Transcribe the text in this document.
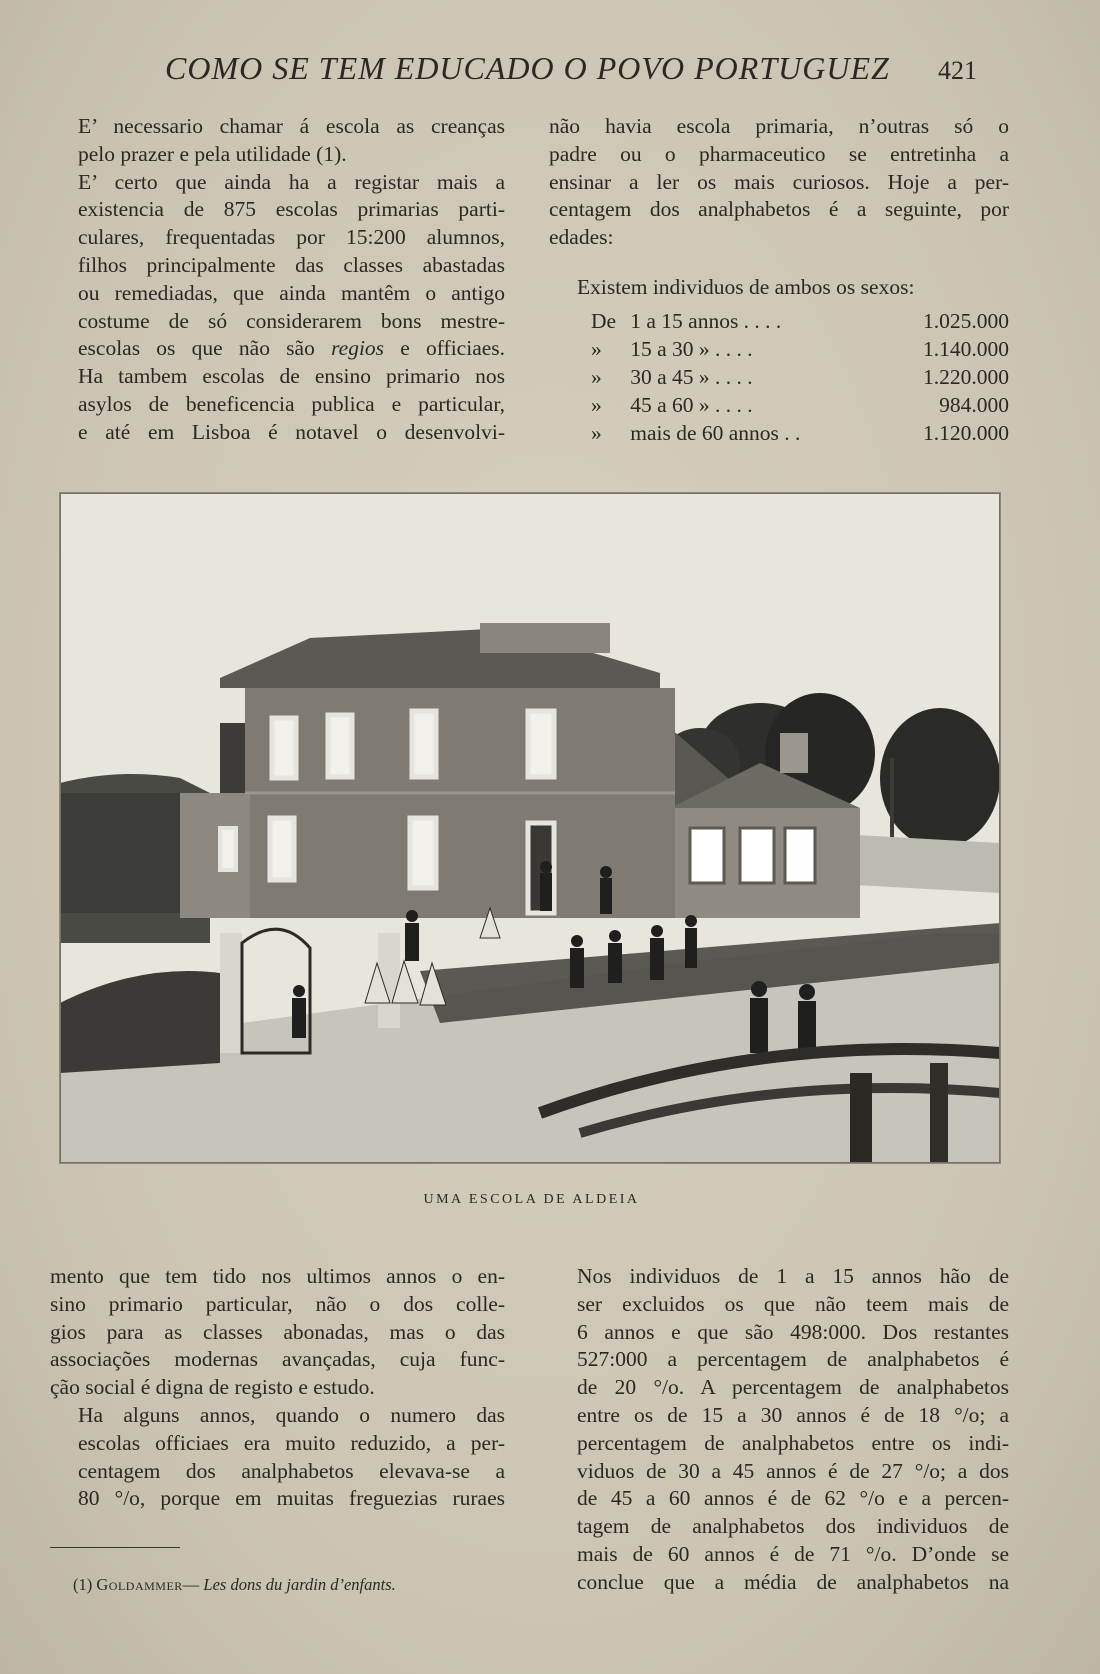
COMO SE TEM EDUCADO O POVO PORTUGUEZ 421

E’ necessario chamar á escola as creanças
pelo prazer e pela utilidade (1).

E’ certo que ainda ha a registar mais a
existencia de 875 escolas primarias parti-
culares, frequentadas por 15:200 alumnos,
filhos principalmente das classes abastadas
ou remediadas, que ainda mantêm o antigo
costume de só considerarem bons mestre-
escolas os que não são regios e officiaes.
Ha tambem escolas de ensino primario nos
asylos de beneficencia publica e particular,
e até em Lisboa é notavel o desenvolvi-

não havia escola primaria, n’outras só o
padre ou o pharmaceutico se entretinha a
ensinar a ler os mais curiosos. Hoje a per-
centagem dos analphabetos é a seguinte, por
edades:

Existem individuos de ambos os sexos:
De	1 a 15 annos . . . .	1.025.000
»	15 a 30 » . . . .	1.140.000
»	30 a 45 » . . . .	1.220.000
»	45 a 60 » . . . .	984.000
»	mais de 60 annos . .	1.120.000
UMA ESCOLA DE ALDEIA

mento que tem tido nos ultimos annos o en-
sino primario particular, não o dos colle-
gios para as classes abonadas, mas o das
associações modernas avançadas, cuja func-
ção social é digna de registo e estudo.

Ha alguns annos, quando o numero das
escolas officiaes era muito reduzido, a per-
centagem dos analphabetos elevava-se a
80 °/o, porque em muitas freguezias ruraes

Nos individuos de 1 a 15 annos hão de
ser excluidos os que não teem mais de
6 annos e que são 498:000. Dos restantes
527:000 a percentagem de analphabetos é
de 20 °/o. A percentagem de analphabetos
entre os de 15 a 30 annos é de 18 °/o; a
percentagem de analphabetos entre os indi-
viduos de 30 a 45 annos é de 27 °/o; a dos
de 45 a 60 annos é de 62 °/o e a percen-
tagem de analphabetos dos individuos de
mais de 60 annos é de 71 °/o. D’onde se
conclue que a média de analphabetos na

(1) Goldammer— Les dons du jardin d’enfants.
